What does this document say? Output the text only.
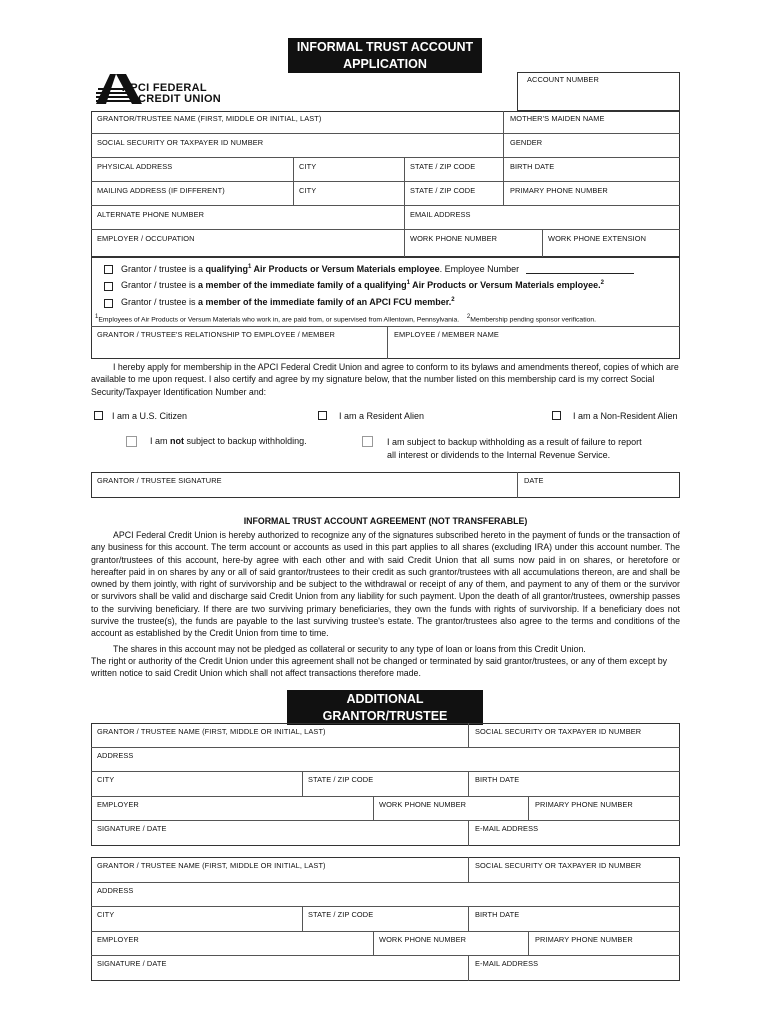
INFORMAL TRUST ACCOUNT
APPLICATION
APCI FEDERAL
CREDIT UNION
ACCOUNT NUMBER
GRANTOR/TRUSTEE NAME (FIRST, MIDDLE OR INITIAL, LAST)	MOTHER'S MAIDEN NAME
SOCIAL SECURITY OR TAXPAYER ID NUMBER	GENDER
PHYSICAL ADDRESS	CITY	STATE / ZIP CODE	BIRTH DATE
MAILING ADDRESS (IF DIFFERENT)	CITY	STATE / ZIP CODE	PRIMARY PHONE NUMBER
ALTERNATE PHONE NUMBER	EMAIL ADDRESS
EMPLOYER / OCCUPATION	WORK PHONE NUMBER	WORK PHONE EXTENSION
Grantor / trustee is a qualifying$^1$ Air Products or Versum Materials employee. Employee Number
Grantor / trustee is a member of the immediate family of a qualifying$^1$ Air Products or Versum Materials employee.$^2$
Grantor / trustee is a member of the immediate family of an APCI FCU member.$^2$
$^1$Employees of Air Products or Versum Materials who work in, are paid from, or supervised from Allentown, Pennsylvania. $^2$Membership pending sponsor verification.
GRANTOR / TRUSTEE'S RELATIONSHIP TO EMPLOYEE / MEMBER	EMPLOYEE / MEMBER NAME
I hereby apply for membership in the APCI Federal Credit Union and agree to conform to its bylaws and amendments thereof, copies of which are available to me upon request. I also certify and agree by my signature below, that the number listed on this membership card is my correct Social Security/Taxpayer Identification Number and:
I am a U.S. Citizen	I am a Resident Alien	I am a Non-Resident Alien
I am not subject to backup withholding.	I am subject to backup withholding as a result of failure to report
all interest or dividends to the Internal Revenue Service.
GRANTOR / TRUSTEE SIGNATURE	DATE
INFORMAL TRUST ACCOUNT AGREEMENT (NOT TRANSFERABLE)
APCI Federal Credit Union is hereby authorized to recognize any of the signatures subscribed hereto in the payment of funds or the transaction of any business for this account. The term account or accounts as used in this part applies to all shares (excluding IRA) under this account number. The grantor/trustees of this account, here-by agree with each other and with said Credit Union that all sums now paid in on shares, or heretofore or hereafter paid in on shares by any or all of said grantor/trustees to their credit as such grantor/trustees with all accumulations thereon, are and shall be owned by them jointly, with right of survivorship and be subject to the withdrawal or receipt of any of them, and payment to any of them or the survivor or survivors shall be valid and discharge said Credit Union from any liability for such payment. Upon the death of all grantor/trustees, ownership passes to the surviving beneficiary. If there are two surviving primary beneficiaries, they own the funds with rights of survivorship. If a beneficiary does not survive the trustee(s), the funds are payable to the last surviving trustee's estate. The grantor/trustees also agree to the terms and conditions of the account as established by the Credit Union from time to time.
The shares in this account may not be pledged as collateral or security to any type of loan or loans from this Credit Union.
The right or authority of the Credit Union under this agreement shall not be changed or terminated by said grantor/trustees, or any of them except by written notice to said Credit Union which shall not affect transactions therefore made.
ADDITIONAL GRANTOR/TRUSTEE
INFORMATION
GRANTOR / TRUSTEE NAME (FIRST, MIDDLE OR INITIAL, LAST)	SOCIAL SECURITY OR TAXPAYER ID NUMBER
ADDRESS
CITY	STATE / ZIP CODE	BIRTH DATE
EMPLOYER	WORK PHONE NUMBER	PRIMARY PHONE NUMBER
SIGNATURE / DATE	E-MAIL ADDRESS
GRANTOR / TRUSTEE NAME (FIRST, MIDDLE OR INITIAL, LAST)	SOCIAL SECURITY OR TAXPAYER ID NUMBER
ADDRESS
CITY	STATE / ZIP CODE	BIRTH DATE
EMPLOYER	WORK PHONE NUMBER	PRIMARY PHONE NUMBER
SIGNATURE / DATE	E-MAIL ADDRESS
